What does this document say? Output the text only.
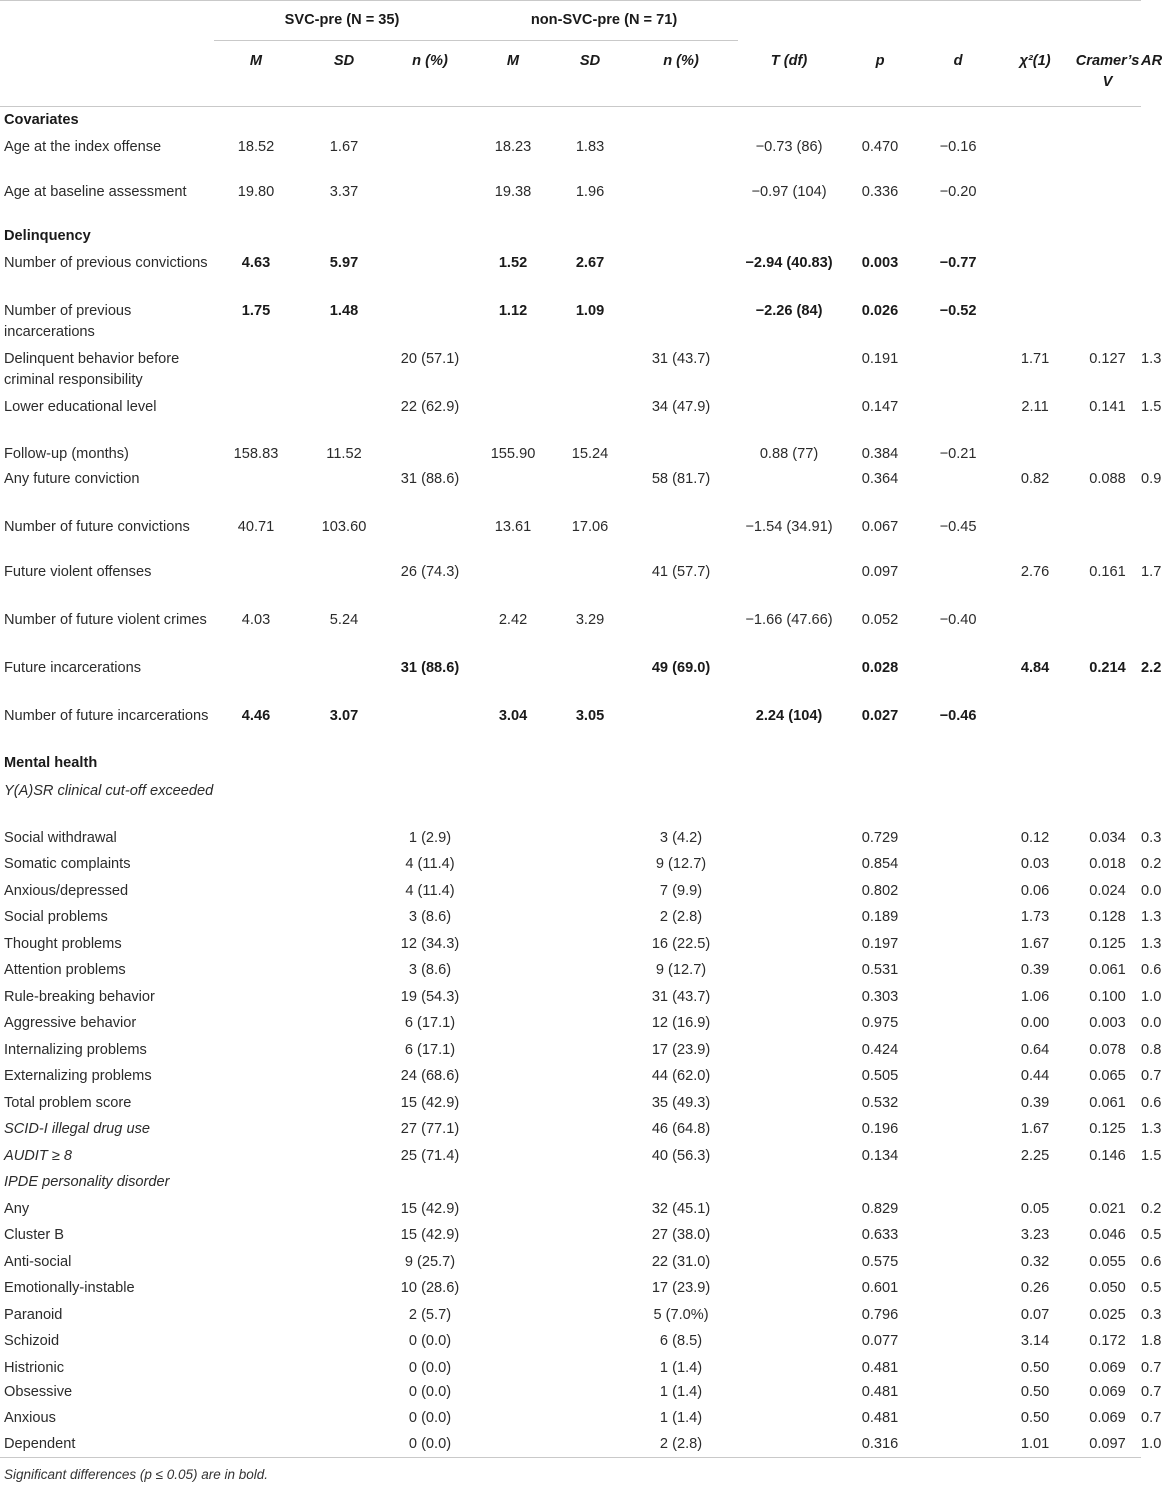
	SVC-pre (N = 35)			non-SVC-pre (N = 71)								

	M	SD	n (%)	M	SD	n (%)	T (df)	p	d	χ²(1)	Cramer’s V	AR
Covariates												
Age at the index offense	18.52	1.67		18.23	1.83		−0.73 (86)	0.470	−0.16			
Age at baseline assessment	19.80	3.37		19.38	1.96		−0.97 (104)	0.336	−0.20			
Delinquency												
Number of previous convictions	4.63	5.97		1.52	2.67		−2.94 (40.83)	0.003	−0.77			
Number of previous incarcerations	1.75	1.48		1.12	1.09		−2.26 (84)	0.026	−0.52			
Delinquent behavior before criminal responsibility			20 (57.1)			31 (43.7)		0.191		1.71	0.127	1.3
Lower educational level			22 (62.9)			34 (47.9)		0.147		2.11	0.141	1.5
Follow-up (months)	158.83	11.52		155.90	15.24		0.88 (77)	0.384	−0.21			
Any future conviction			31 (88.6)			58 (81.7)		0.364		0.82	0.088	0.9
Number of future convictions	40.71	103.60		13.61	17.06		−1.54 (34.91)	0.067	−0.45			
Future violent offenses			26 (74.3)			41 (57.7)		0.097		2.76	0.161	1.7
Number of future violent crimes	4.03	5.24		2.42	3.29		−1.66 (47.66)	0.052	−0.40			
Future incarcerations			31 (88.6)			49 (69.0)		0.028		4.84	0.214	2.2
Number of future incarcerations	4.46	3.07		3.04	3.05		2.24 (104)	0.027	−0.46			
Mental health												
Y(A)SR clinical cut-off exceeded												
Social withdrawal			1 (2.9)			3 (4.2)		0.729		0.12	0.034	0.3
Somatic complaints			4 (11.4)			9 (12.7)		0.854		0.03	0.018	0.2
Anxious/depressed			4 (11.4)			7 (9.9)		0.802		0.06	0.024	0.0
Social problems			3 (8.6)			2 (2.8)		0.189		1.73	0.128	1.3
Thought problems			12 (34.3)			16 (22.5)		0.197		1.67	0.125	1.3
Attention problems			3 (8.6)			9 (12.7)		0.531		0.39	0.061	0.6
Rule-breaking behavior			19 (54.3)			31 (43.7)		0.303		1.06	0.100	1.0
Aggressive behavior			6 (17.1)			12 (16.9)		0.975		0.00	0.003	0.0
Internalizing problems			6 (17.1)			17 (23.9)		0.424		0.64	0.078	0.8
Externalizing problems			24 (68.6)			44 (62.0)		0.505		0.44	0.065	0.7
Total problem score			15 (42.9)			35 (49.3)		0.532		0.39	0.061	0.6
SCID-I illegal drug use			27 (77.1)			46 (64.8)		0.196		1.67	0.125	1.3
AUDIT ≥ 8			25 (71.4)			40 (56.3)		0.134		2.25	0.146	1.5
IPDE personality disorder												
Any			15 (42.9)			32 (45.1)		0.829		0.05	0.021	0.2
Cluster B			15 (42.9)			27 (38.0)		0.633		3.23	0.046	0.5
Anti-social			9 (25.7)			22 (31.0)		0.575		0.32	0.055	0.6
Emotionally-instable			10 (28.6)			17 (23.9)		0.601		0.26	0.050	0.5
Paranoid			2 (5.7)			5 (7.0%)		0.796		0.07	0.025	0.3
Schizoid			0 (0.0)			6 (8.5)		0.077		3.14	0.172	1.8
Histrionic			0 (0.0)			1 (1.4)		0.481		0.50	0.069	0.7
Obsessive			0 (0.0)			1 (1.4)		0.481		0.50	0.069	0.7
Anxious			0 (0.0)			1 (1.4)		0.481		0.50	0.069	0.7
Dependent			0 (0.0)			2 (2.8)		0.316		1.01	0.097	1.0
Significant differences (p ≤ 0.05) are in bold.
